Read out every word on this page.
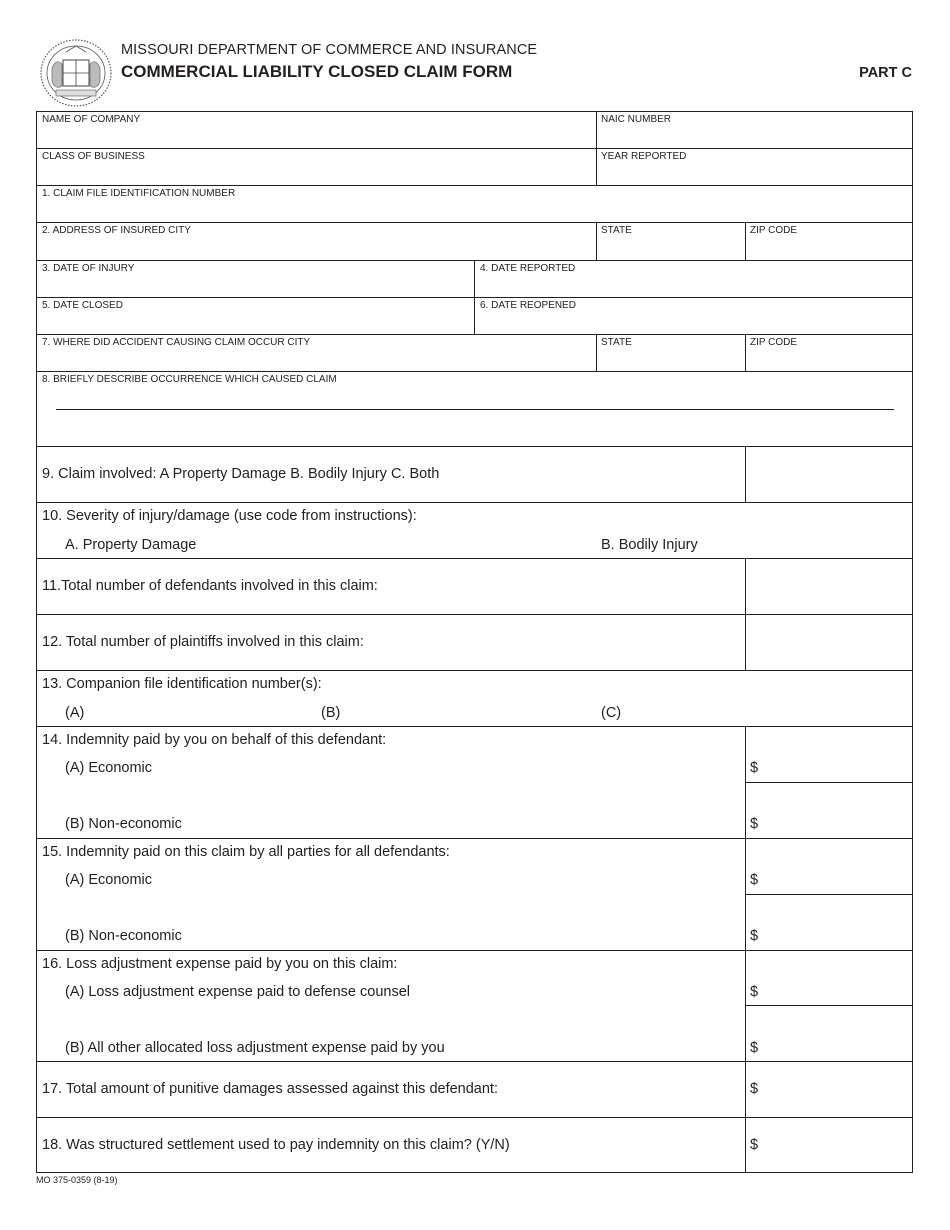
MISSOURI DEPARTMENT OF COMMERCE AND INSURANCE
COMMERCIAL LIABILITY CLOSED CLAIM FORM	PART C
NAME OF COMPANY	NAIC NUMBER
CLASS OF BUSINESS	YEAR REPORTED
1. CLAIM FILE IDENTIFICATION NUMBER
2. ADDRESS OF INSURED CITY	STATE	ZIP CODE
3. DATE OF INJURY	4. DATE REPORTED
5. DATE CLOSED	6. DATE REOPENED
7. WHERE DID ACCIDENT CAUSING CLAIM OCCUR CITY	STATE	ZIP CODE
8. BRIEFLY DESCRIBE OCCURRENCE WHICH CAUSED CLAIM
9. Claim involved: A Property Damage B. Bodily Injury C. Both
10. Severity of injury/damage (use code from instructions):
A. Property Damage	B. Bodily Injury
11.Total number of defendants involved in this claim:
12. Total number of plaintiffs involved in this claim:
13. Companion file identification number(s):
(A)	(B)	(C)
14. Indemnity paid by you on behalf of this defendant:
(A) Economic	$
(B) Non-economic	$
15. Indemnity paid on this claim by all parties for all defendants:
(A) Economic	$
(B) Non-economic	$
16. Loss adjustment expense paid by you on this claim:
(A) Loss adjustment expense paid to defense counsel	$
(B) All other allocated loss adjustment expense paid by you	$
17. Total amount of punitive damages assessed against this defendant:	$
18. Was structured settlement used to pay indemnity on this claim? (Y/N)	$
MO 375-0359 (8-19)
